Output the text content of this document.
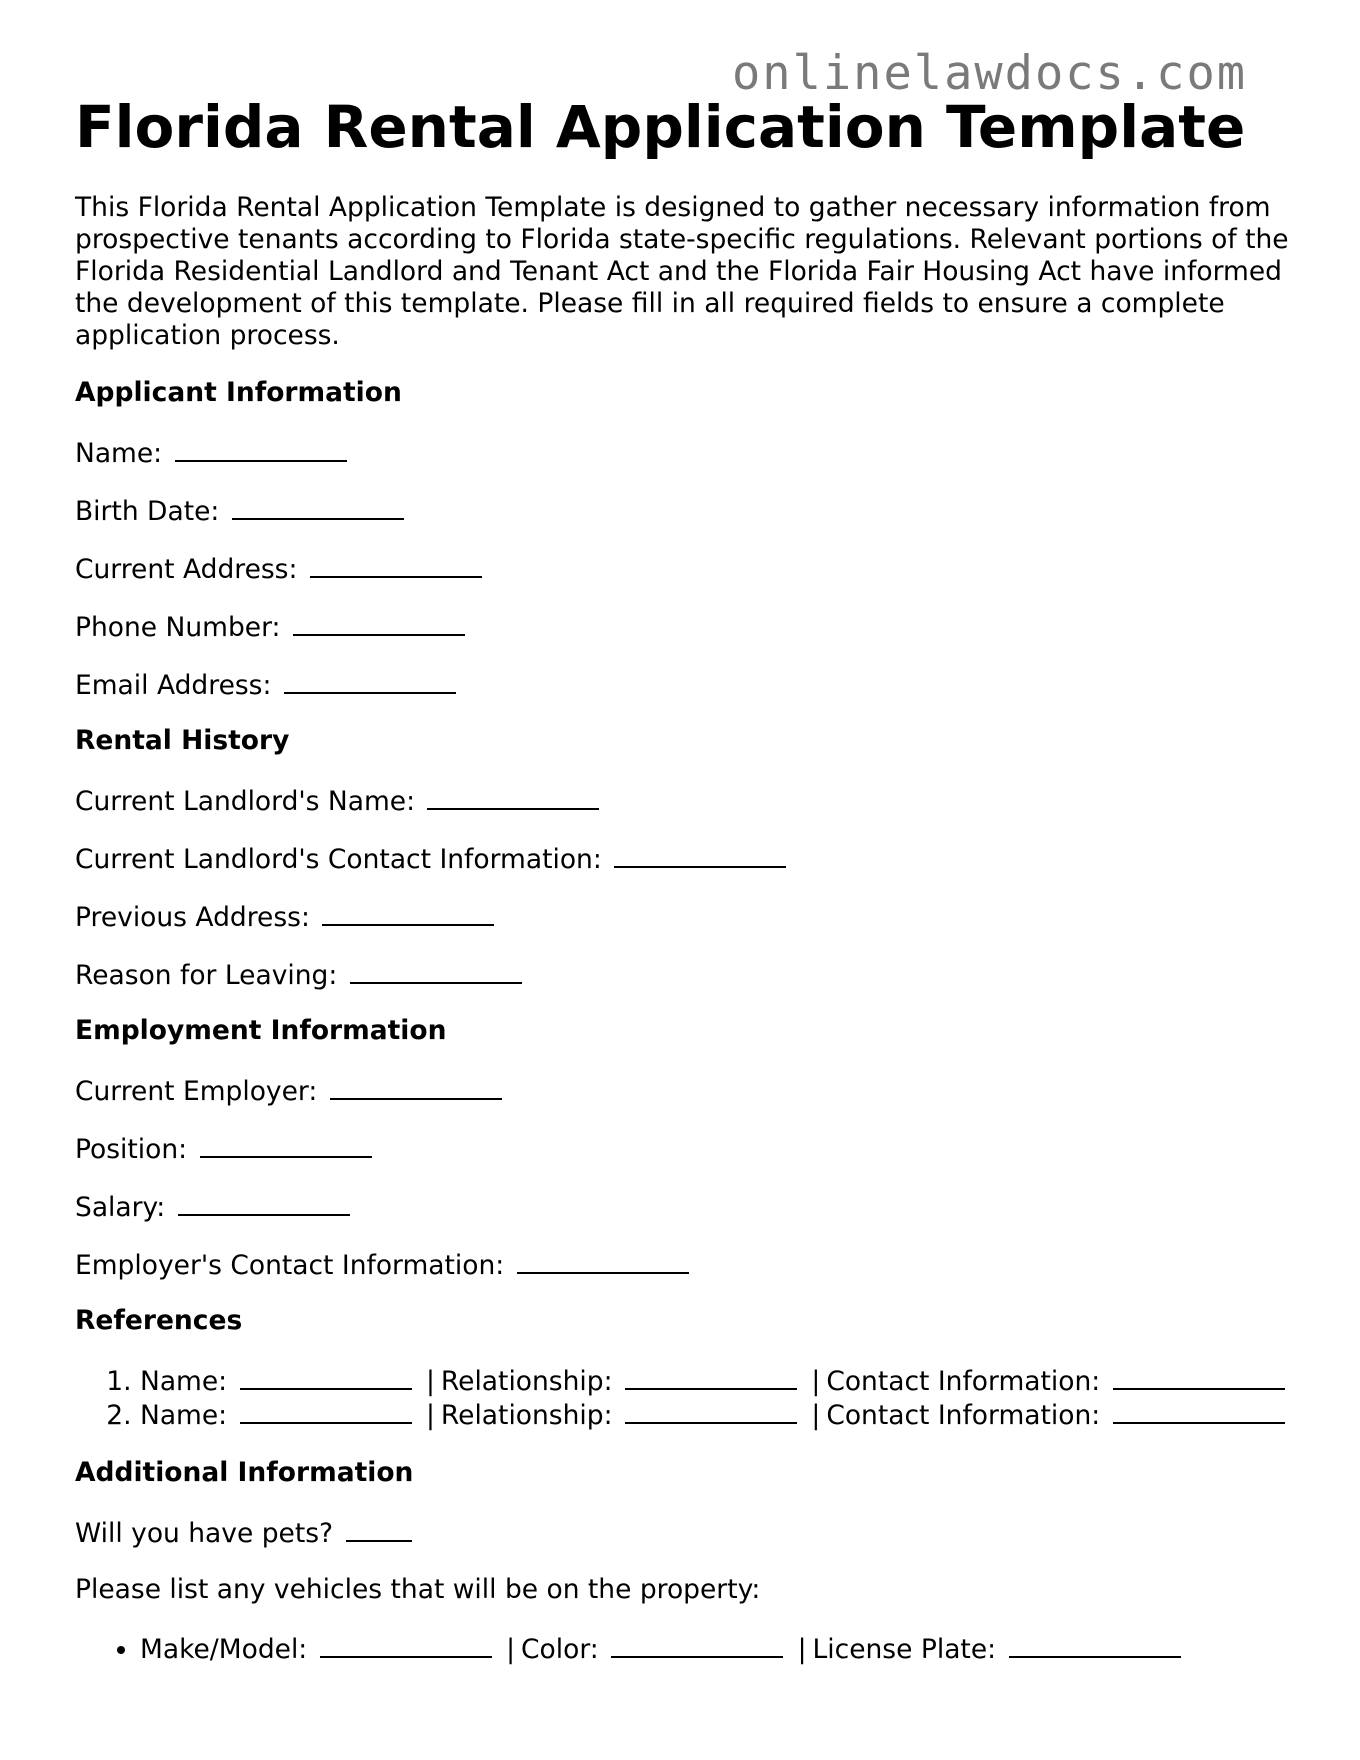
onlinelawdocs.com
Florida Rental Application Template

This Florida Rental Application Template is designed to gather necessary information from prospective tenants according to Florida state-specific regulations. Relevant portions of the Florida Residential Landlord and Tenant Act and the Florida Fair Housing Act have informed the development of this template. Please fill in all required fields to ensure a complete application process.

Applicant Information
Name:
Birth Date:
Current Address:
Phone Number:
Email Address:
Rental History
Current Landlord's Name:
Current Landlord's Contact Information:
Previous Address:
Reason for Leaving:
Employment Information
Current Employer:
Position:
Salary:
Employer's Contact Information:
References
1. Name:	| Relationship:	| Contact Information:
2. Name:	| Relationship:	| Contact Information:
Additional Information
Will you have pets?
Please list any vehicles that will be on the property:
• Make/Model:	| Color:	| License Plate:
